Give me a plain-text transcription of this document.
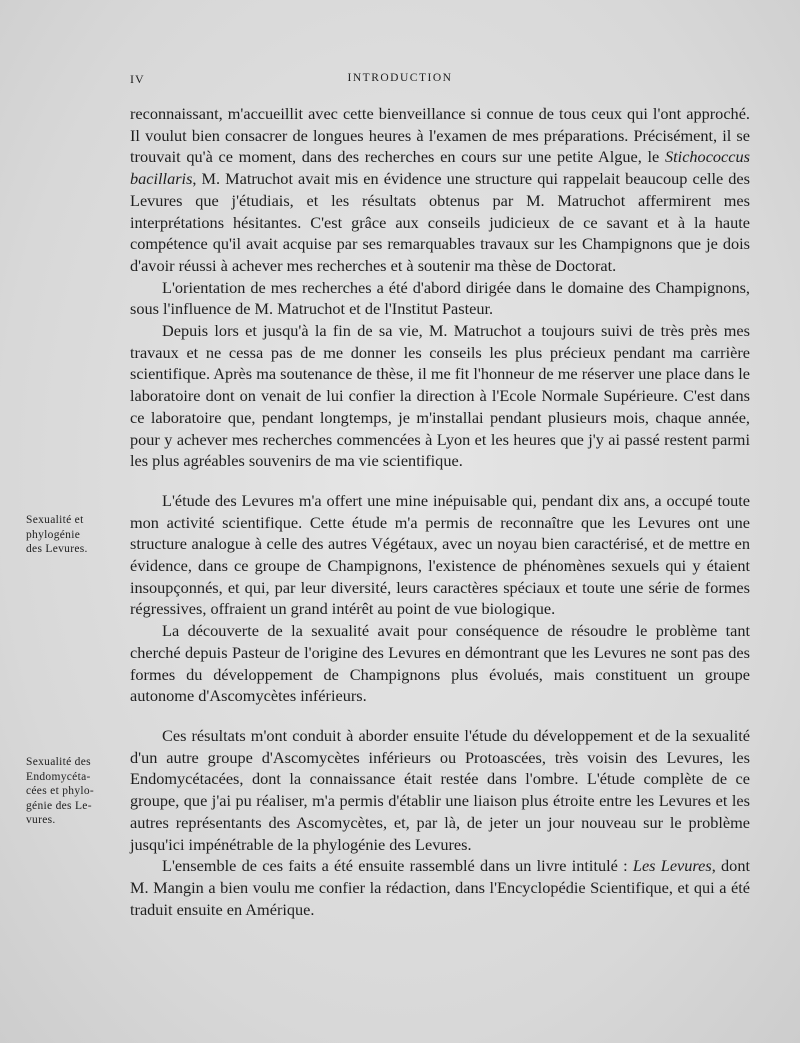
IV	INTRODUCTION

reconnaissant, m'accueillit avec cette bienveillance si connue de tous ceux qui l'ont approché. Il voulut bien consacrer de longues heures à l'examen de mes préparations. Précisément, il se trouvait qu'à ce moment, dans des recherches en cours sur une petite Algue, le Stichococcus bacillaris, M. Matruchot avait mis en évidence une structure qui rappelait beaucoup celle des Levures que j'étudiais, et les résultats obtenus par M. Matruchot affermirent mes interprétations hésitantes. C'est grâce aux conseils judicieux de ce savant et à la haute compétence qu'il avait acquise par ses remarquables travaux sur les Champignons que je dois d'avoir réussi à achever mes recherches et à soutenir ma thèse de Doctorat.

L'orientation de mes recherches a été d'abord dirigée dans le domaine des Champignons, sous l'influence de M. Matruchot et de l'Institut Pasteur.

Depuis lors et jusqu'à la fin de sa vie, M. Matruchot a toujours suivi de très près mes travaux et ne cessa pas de me donner les conseils les plus précieux pendant ma carrière scientifique. Après ma soutenance de thèse, il me fit l'honneur de me réserver une place dans le laboratoire dont on venait de lui confier la direction à l'Ecole Normale Supérieure. C'est dans ce laboratoire que, pendant longtemps, je m'installai pendant plusieurs mois, chaque année, pour y achever mes recherches commencées à Lyon et les heures que j'y ai passé restent parmi les plus agréables souvenirs de ma vie scientifique.

L'étude des Levures m'a offert une mine inépuisable qui, pendant dix ans, a occupé toute mon activité scientifique. Cette étude m'a permis de reconnaître que les Levures ont une structure analogue à celle des autres Végétaux, avec un noyau bien caractérisé, et de mettre en évidence, dans ce groupe de Champignons, l'existence de phénomènes sexuels qui y étaient insoupçonnés, et qui, par leur diversité, leurs caractères spéciaux et toute une série de formes régressives, offraient un grand intérêt au point de vue biologique.

La découverte de la sexualité avait pour conséquence de résoudre le problème tant cherché depuis Pasteur de l'origine des Levures en démontrant que les Levures ne sont pas des formes du développement de Champignons plus évolués, mais constituent un groupe autonome d'Ascomycètes inférieurs.

Ces résultats m'ont conduit à aborder ensuite l'étude du développement et de la sexualité d'un autre groupe d'Ascomycètes inférieurs ou Protoascées, très voisin des Levures, les Endomycétacées, dont la connaissance était restée dans l'ombre. L'étude complète de ce groupe, que j'ai pu réaliser, m'a permis d'établir une liaison plus étroite entre les Levures et les autres représentants des Ascomycètes, et, par là, de jeter un jour nouveau sur le problème jusqu'ici impénétrable de la phylogénie des Levures.

L'ensemble de ces faits a été ensuite rassemblé dans un livre intitulé : Les Levures, dont M. Mangin a bien voulu me confier la rédaction, dans l'Encyclopédie Scientifique, et qui a été traduit ensuite en Amérique.

Sexualité et
phylogénie
des Levures.
Sexualité des
Endomycéta-
cées et phylo-
génie des Le-
vures.
